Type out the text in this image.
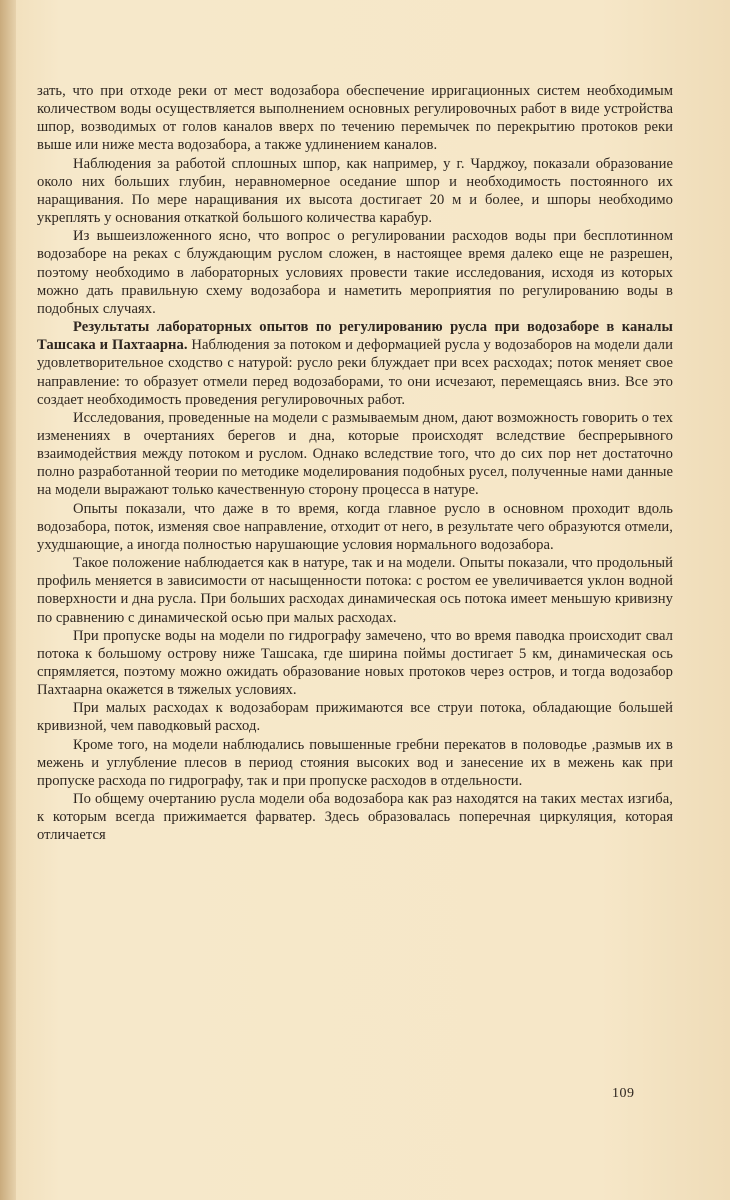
зать, что при отходе реки от мест водозабора обеспечение ирригационных систем необходимым количеством воды осуществляется выполнением основных регулировочных работ в виде устройства шпор, возводимых от голов каналов вверх по течению перемычек по перекрытию протоков реки выше или ниже места водозабора, а также удлинением каналов.

Наблюдения за работой сплошных шпор, как например, у г. Чарджоу, показали образование около них больших глубин, неравномерное оседание шпор и необходимость постоянного их наращивания. По мере наращивания их высота достигает 20 м и более, и шпоры необходимо укреплять у основания откаткой большого количества карабур.

Из вышеизложенного ясно, что вопрос о регулировании расходов воды при бесплотинном водозаборе на реках с блуждающим руслом сложен, в настоящее время далеко еще не разрешен, поэтому необходимо в лабораторных условиях провести такие исследования, исходя из которых можно дать правильную схему водозабора и наметить мероприятия по регулированию воды в подобных случаях.

Результаты лабораторных опытов по регулированию русла при водозаборе в каналы Ташсака и Пахтаарна. Наблюдения за потоком и деформацией русла у водозаборов на модели дали удовлетворительное сходство с натурой: русло реки блуждает при всех расходах; поток меняет свое направление: то образует отмели перед водозаборами, то они исчезают, перемещаясь вниз. Все это создает необходимость проведения регулировочных работ.

Исследования, проведенные на модели с размываемым дном, дают возможность говорить о тех изменениях в очертаниях берегов и дна, которые происходят вследствие беспрерывного взаимодействия между потоком и руслом. Однако вследствие того, что до сих пор нет достаточно полно разработанной теории по методике моделирования подобных русел, полученные нами данные на модели выражают только качественную сторону процесса в натуре.

Опыты показали, что даже в то время, когда главное русло в основном проходит вдоль водозабора, поток, изменяя свое направление, отходит от него, в результате чего образуются отмели, ухудшающие, а иногда полностью нарушающие условия нормального водозабора.

Такое положение наблюдается как в натуре, так и на модели. Опыты показали, что продольный профиль меняется в зависимости от насыщенности потока: с ростом ее увеличивается уклон водной поверхности и дна русла. При больших расходах динамическая ось потока имеет меньшую кривизну по сравнению с динамической осью при малых расходах.

При пропуске воды на модели по гидрографу замечено, что во время паводка происходит свал потока к большому острову ниже Ташсака, где ширина поймы достигает 5 км, динамическая ось спрямляется, поэтому можно ожидать образование новых протоков через остров, и тогда водозабор Пахтаарна окажется в тяжелых условиях.

При малых расходах к водозаборам прижимаются все струи потока, обладающие большей кривизной, чем паводковый расход.

Кроме того, на модели наблюдались повышенные гребни перекатов в половодье ,размыв их в межень и углубление плесов в период стояния высоких вод и занесение их в межень как при пропуске расхода по гидрографу, так и при пропуске расходов в отдельности.

По общему очертанию русла модели оба водозабора как раз находятся на таких местах изгиба, к которым всегда прижимается фарватер. Здесь образовалась поперечная циркуляция, которая отличается

109
